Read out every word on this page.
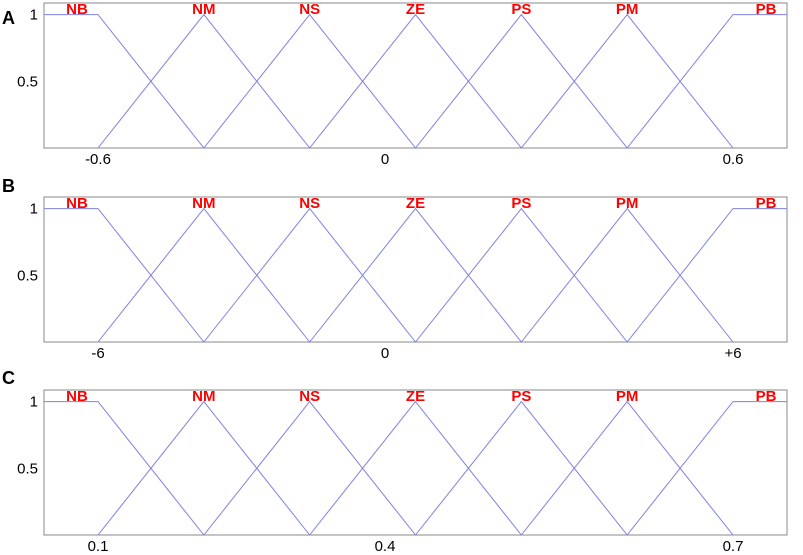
NB	NM	NS	ZE	PS	PM	PB
0.5
1
-0.6	0	0.6
A
NB	NM	NS	ZE	PS	PM	PB
0.5
1
-6	0	+6
B
NB	NM	NS	ZE	PS	PM	PB
0.5
1
0.1	0.4	0.7
C
